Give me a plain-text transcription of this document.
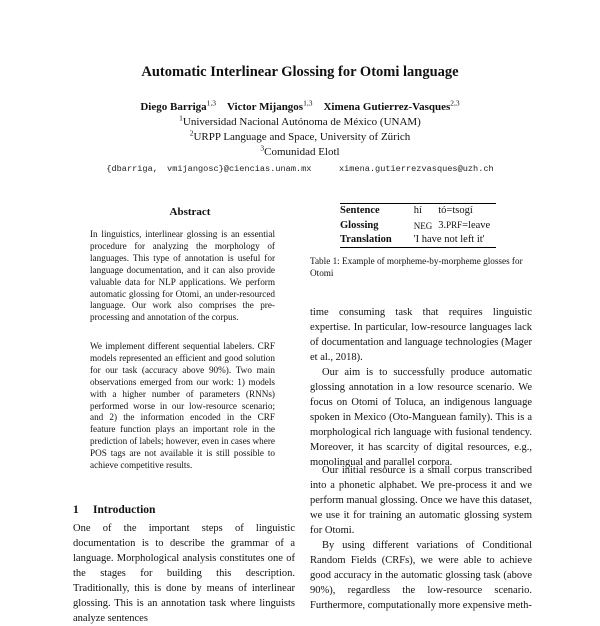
Automatic Interlinear Glossing for Otomi language
Diego Barriga$^{1,3}$ Victor Mijangos$^{1,3}$ Ximena Gutierrez-Vasques$^{2,3}$
$^1$Universidad Nacional Autónoma de México (UNAM)
$^2$URPP Language and Space, University of Zürich
$^3$Comunidad Elotl
{dbarriga, vmijangosc}@ciencias.unam.mx	ximena.gutierrezvasques@uzh.ch
Abstract
In linguistics, interlinear glossing is an essential procedure for analyzing the morphology of languages. This type of annotation is useful for language documentation, and it can also provide valuable data for NLP applications. We perform automatic glossing for Otomi, an under-resourced language. Our work also comprises the pre-processing and annotation of the corpus.
We implement different sequential labelers. CRF models represented an efficient and good solution for our task (accuracy above 90%). Two main observations emerged from our work: 1) models with a higher number of parameters (RNNs) performed worse in our low-resource scenario; and 2) the information encoded in the CRF feature function plays an important role in the prediction of labels; however, even in cases where POS tags are not available it is still possible to achieve competitive results.
1 Introduction
One of the important steps of linguistic documentation is to describe the grammar of a language. Morphological analysis constitutes one of the stages for building this description. Traditionally, this is done by means of interlinear glossing. This is an annotation task where linguists analyze sentences
Sentence	hí	tó=tsogí
Glossing	NEG	3.PRF=leave
Translation	'I have not left it'	
Table 1: Example of morpheme-by-morpheme glosses for Otomi
time consuming task that requires linguistic expertise. In particular, low-resource languages lack of documentation and language technologies (Mager et al., 2018).
Our aim is to successfully produce automatic glossing annotation in a low resource scenario. We focus on Otomi of Toluca, an indigenous language spoken in Mexico (Oto-Manguean family). This is a morphological rich language with fusional tendency. Moreover, it has scarcity of digital resources, e.g., monolingual and parallel corpora.
Our initial resource is a small corpus transcribed into a phonetic alphabet. We pre-process it and we perform manual glossing. Once we have this dataset, we use it for training an automatic glossing system for Otomi.
By using different variations of Conditional Random Fields (CRFs), we were able to achieve good accuracy in the automatic glossing task (above 90%), regardless the low-resource scenario. Furthermore, computationally more expensive meth-
